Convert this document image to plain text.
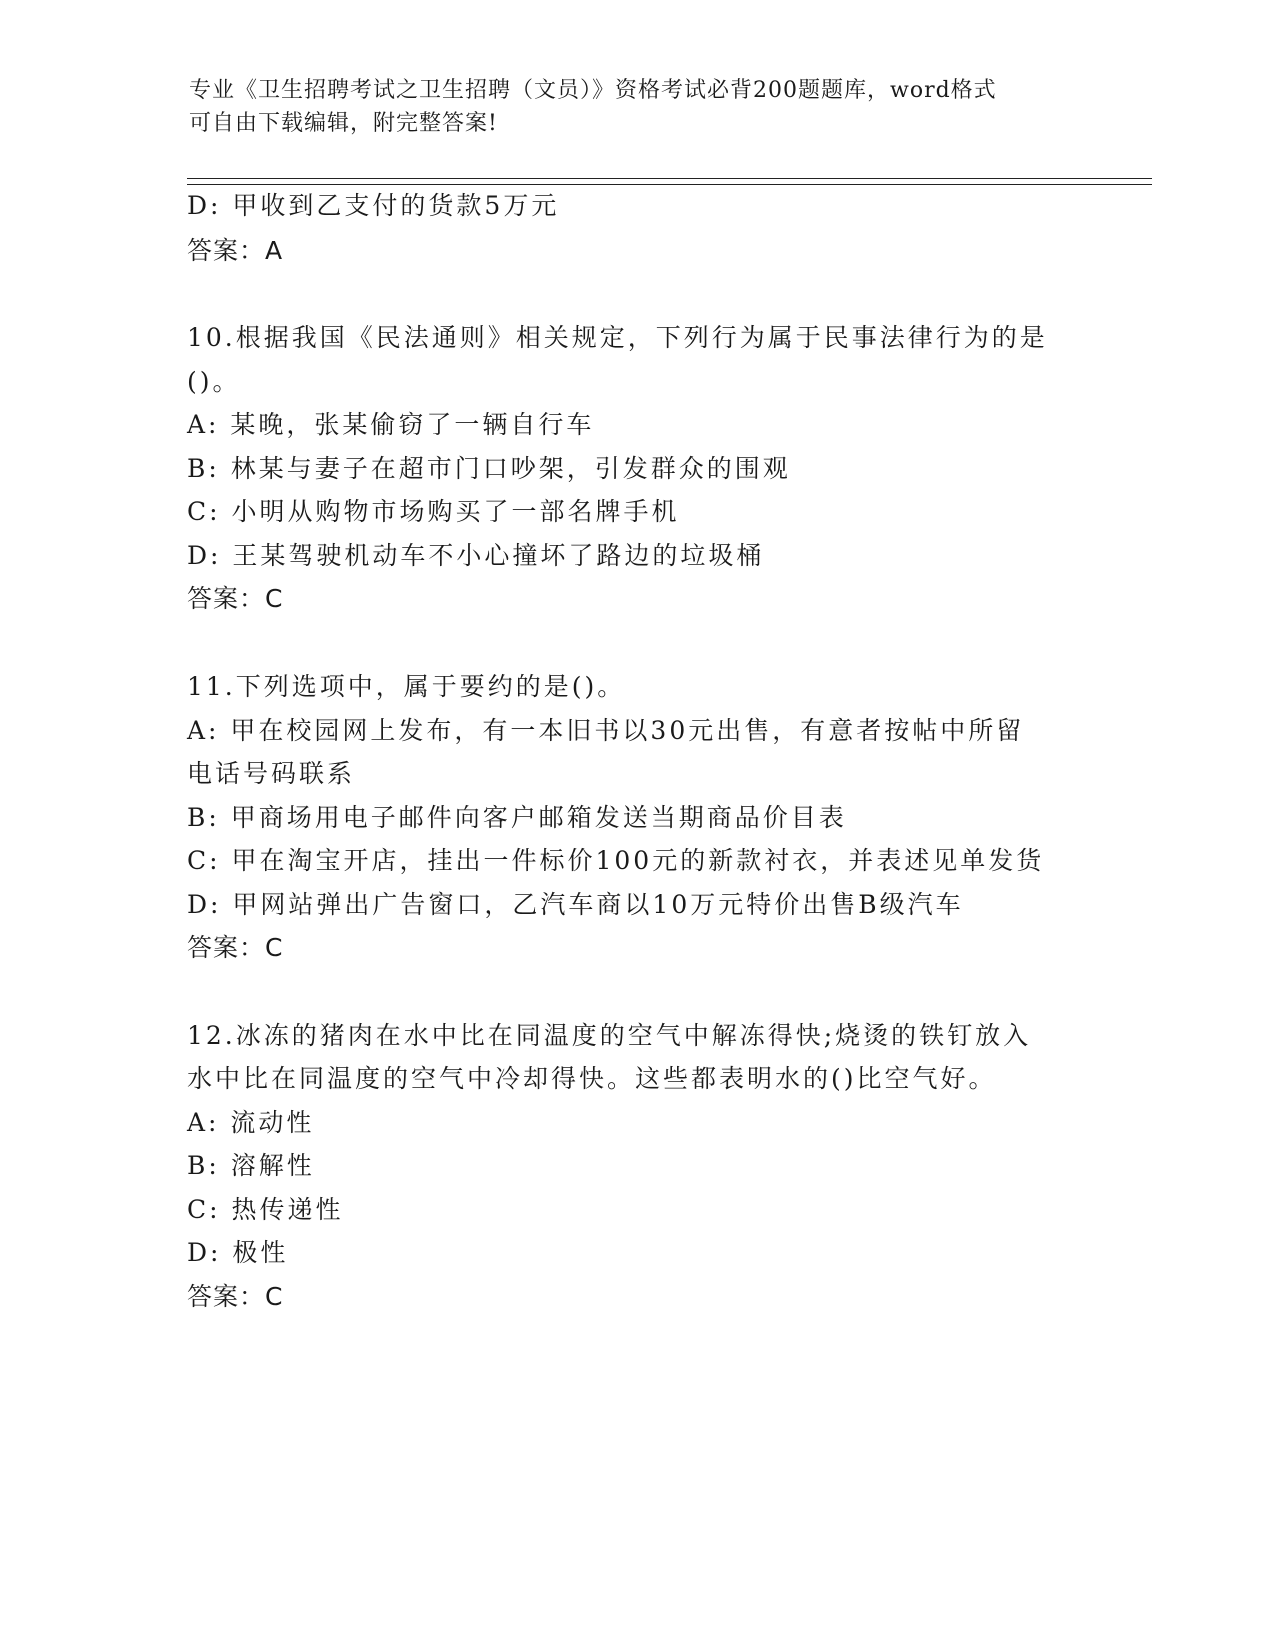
专业《卫生招聘考试之卫生招聘（文员）》资格考试必背200题题库，word格式
可自由下载编辑，附完整答案!
D: 甲收到乙支付的货款5万元
答案：A
10.根据我国《民法通则》相关规定，下列行为属于民事法律行为的是
()。
A: 某晚，张某偷窃了一辆自行车
B: 林某与妻子在超市门口吵架，引发群众的围观
C: 小明从购物市场购买了一部名牌手机
D: 王某驾驶机动车不小心撞坏了路边的垃圾桶
答案：C
11.下列选项中，属于要约的是()。
A: 甲在校园网上发布，有一本旧书以30元出售，有意者按帖中所留
电话号码联系
B: 甲商场用电子邮件向客户邮箱发送当期商品价目表
C: 甲在淘宝开店，挂出一件标价100元的新款衬衣，并表述见单发货
D: 甲网站弹出广告窗口，乙汽车商以10万元特价出售B级汽车
答案：C
12.冰冻的猪肉在水中比在同温度的空气中解冻得快;烧烫的铁钉放入
水中比在同温度的空气中冷却得快。这些都表明水的()比空气好。
A: 流动性
B: 溶解性
C: 热传递性
D: 极性
答案：C
